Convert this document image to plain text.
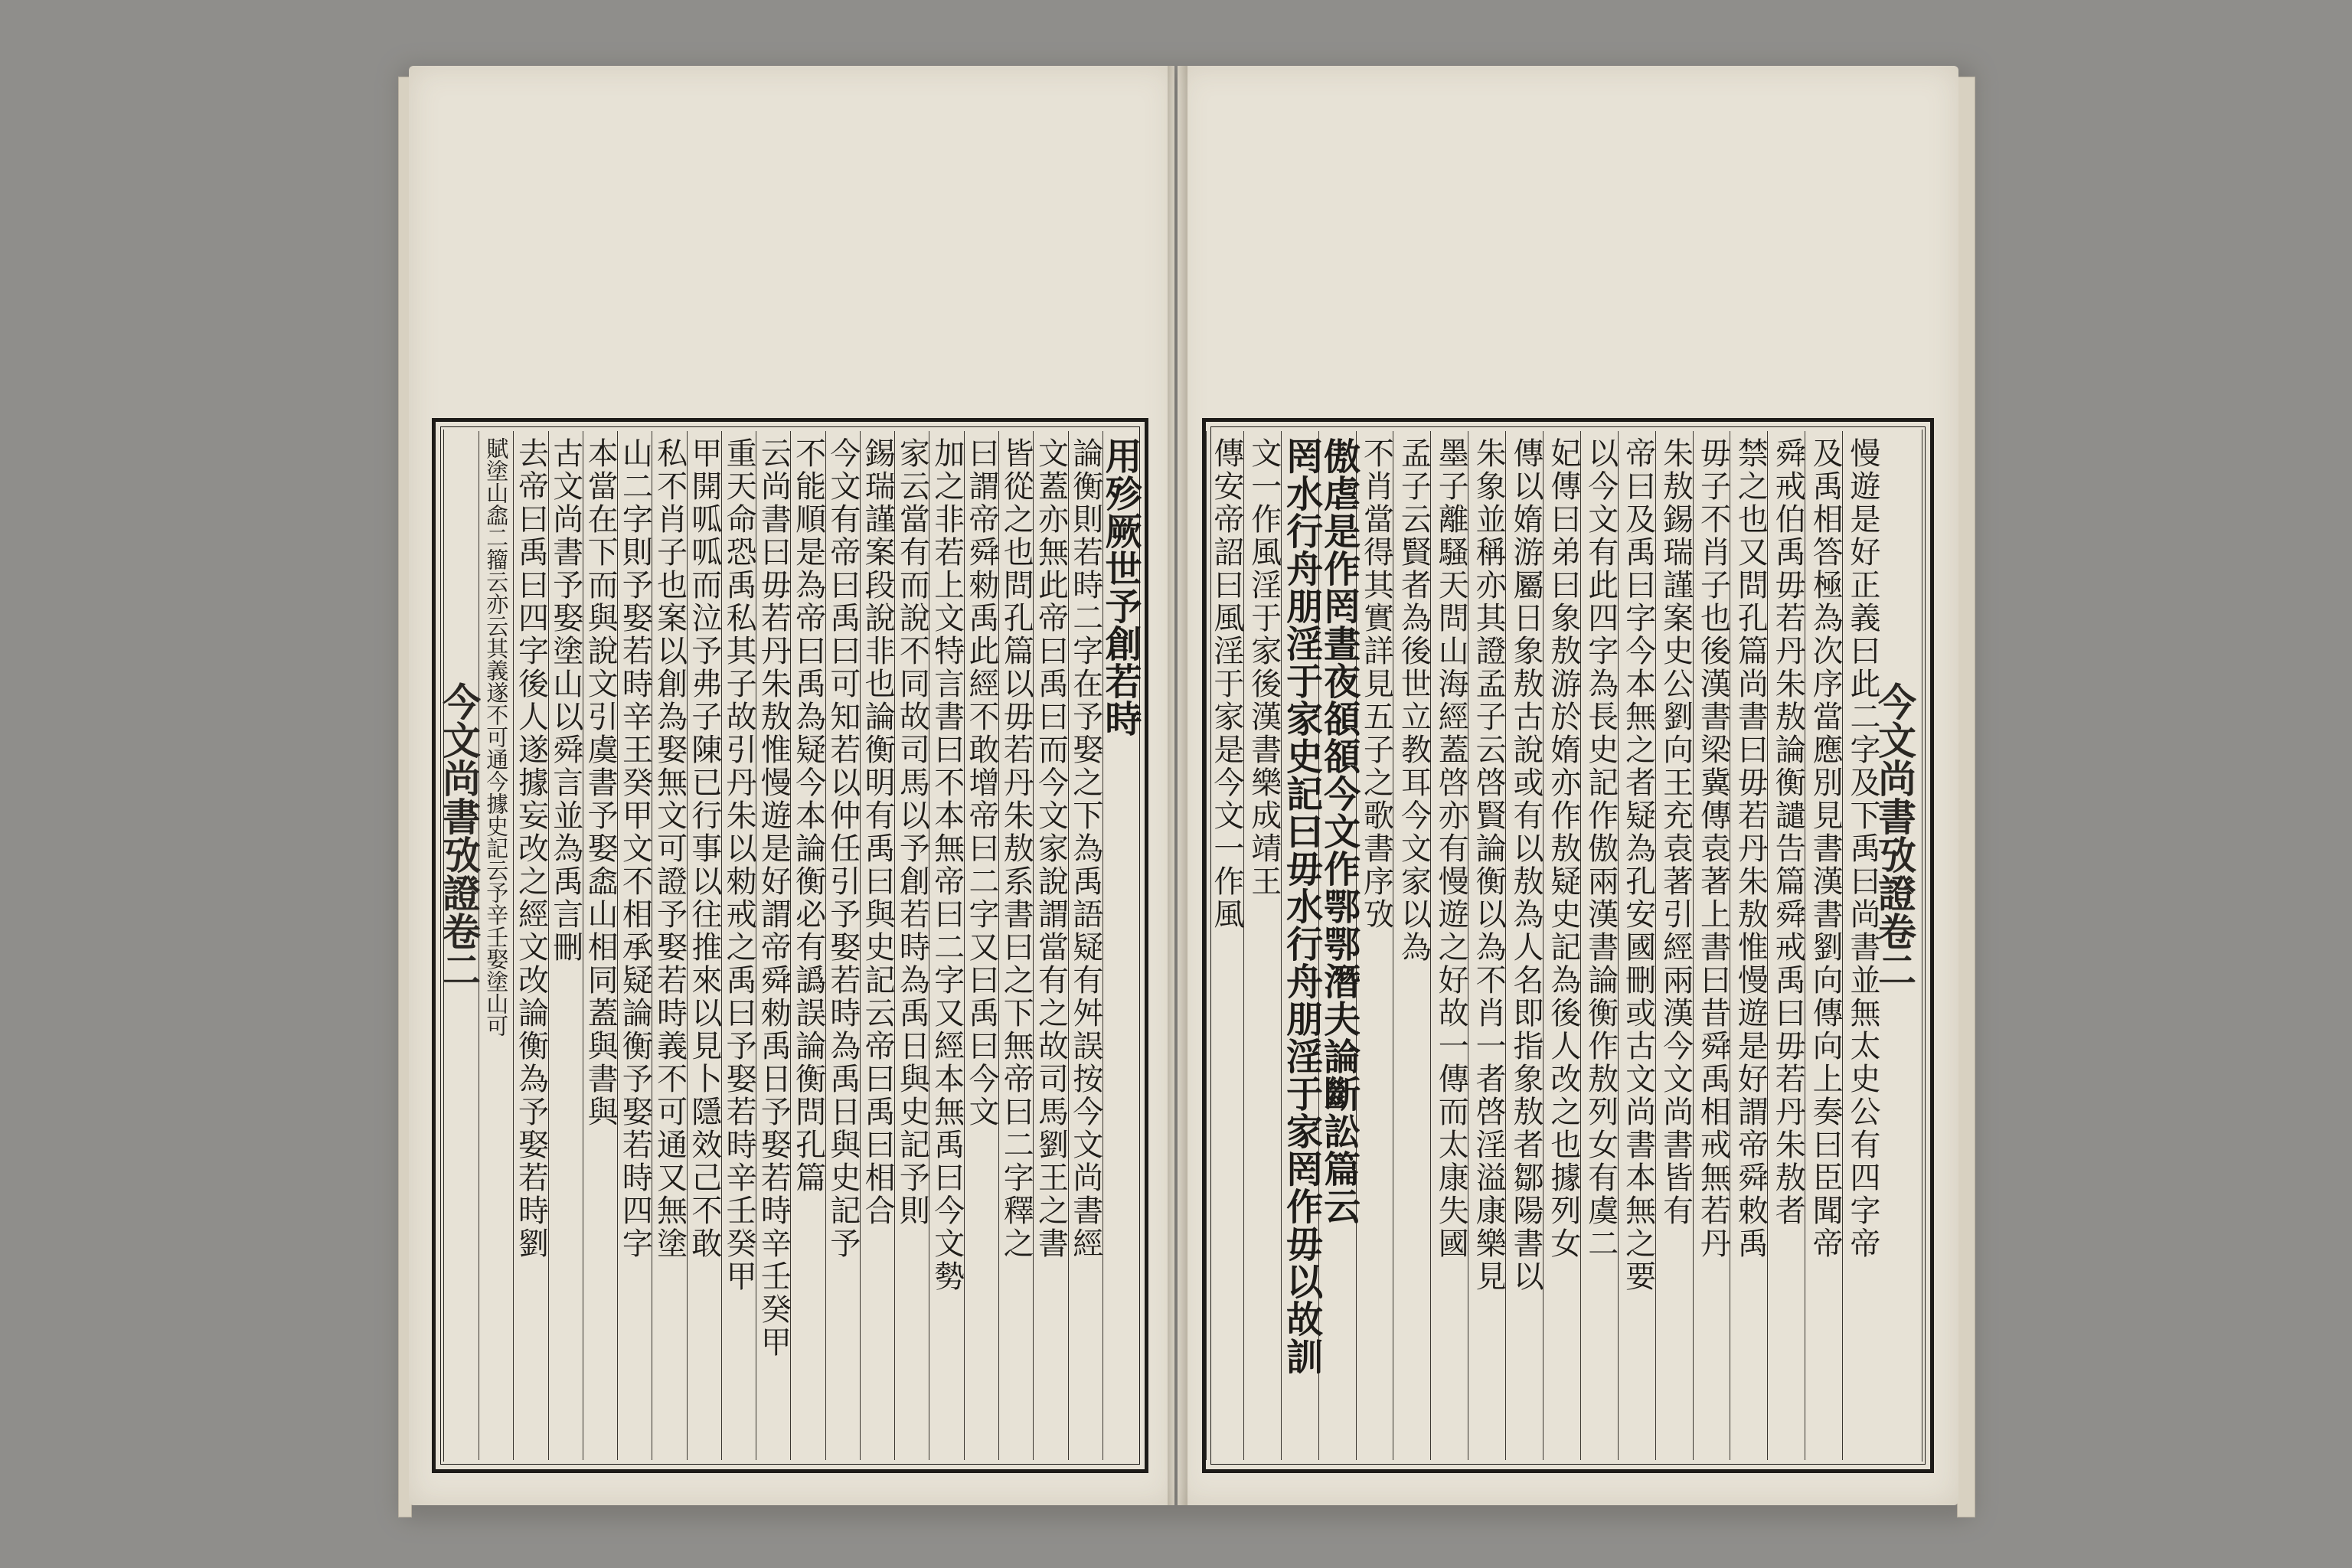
今文尚書攷證卷二
用殄厥世予創若時
論衡則若時二字在予娶之下為禹語疑有舛誤按今文尚書經
文蓋亦無此帝曰禹曰而今文家說謂當有之故司馬劉王之書
皆從之也問孔篇以毋若丹朱敖系書曰之下無帝曰二字釋之
曰謂帝舜勑禹此經不敢增帝曰二字又曰禹曰今文
加之非若上文特言書曰不本無帝曰二字又經本無禹曰今文勢
家云當有而說不同故司馬以予創若時為禹日與史記予則
錫瑞謹案段說非也論衡明有禹曰與史記云帝曰禹曰相合
今文有帝曰禹曰可知若以仲任引予娶若時為禹日與史記予
不能順是為帝曰禹為疑今本論衡必有譌誤論衡問孔篇
云尚書曰毋若丹朱敖惟慢遊是好謂帝舜勑禹日予娶若時辛壬癸甲
重天命恐禹私其子故引丹朱以勑戒之禹曰予娶若時辛壬癸甲
甲開呱呱而泣予弗子陳已行事以往推來以見卜隱效己不敢
私不肖子也案以創為娶無文可證予娶若時義不可通又無塗
山二字則予娶若時辛王癸甲文不相承疑論衡予娶若時四字
本當在下而與說文引虞書予娶嵞山相同蓋與書與
古文尚書予娶塗山以舜言並為禹言刪
去帝曰禹曰四字後人遂據妄改之經文改論衡為予娶若時劉
賦塗山嵞二籀云亦云其義遂不可通今據史記云予辛壬娶塗山可	今文尚書攷證卷二
慢遊是好正義曰此二字及下禹曰尚書並無太史公有四字帝
及禹相答極為次序當應別見書漢書劉向傳向上奏曰臣聞帝
舜戒伯禹毋若丹朱敖論衡譴告篇舜戒禹曰毋若丹朱敖者
禁之也又問孔篇尚書曰毋若丹朱敖惟慢遊是好謂帝舜敕禹
毋子不肖子也後漢書梁冀傳袁著上書曰昔舜禹相戒無若丹
朱敖錫瑞謹案史公劉向王充袁著引經兩漢今文尚書皆有
帝曰及禹曰字今本無之者疑為孔安國刪或古文尚書本無之要
以今文有此四字為長史記作傲兩漢書論衡作敖列女有虞二
妃傳曰弟曰象敖游於媠亦作敖疑史記為後人改之也據列女
傳以媠游屬日象敖古說或有以敖為人名即指象敖者鄒陽書以
朱象並稱亦其證孟子云啓賢論衡以為不肖一者啓淫溢康樂見
墨子離騷天問山海經蓋啓亦有慢遊之好故一傳而太康失國
孟子云賢者為後世立教耳今文家以為
不肖當得其實詳見五子之歌書序攷
傲虐是作罔晝夜頟頟今文作鄂鄂潛夫論斷訟篇云
罔水行舟朋淫于家史記曰毋水行舟朋淫于家罔作毋以故訓
文一作風淫于家後漢書樂成靖王
傳安帝詔曰風淫于家是今文一作風
